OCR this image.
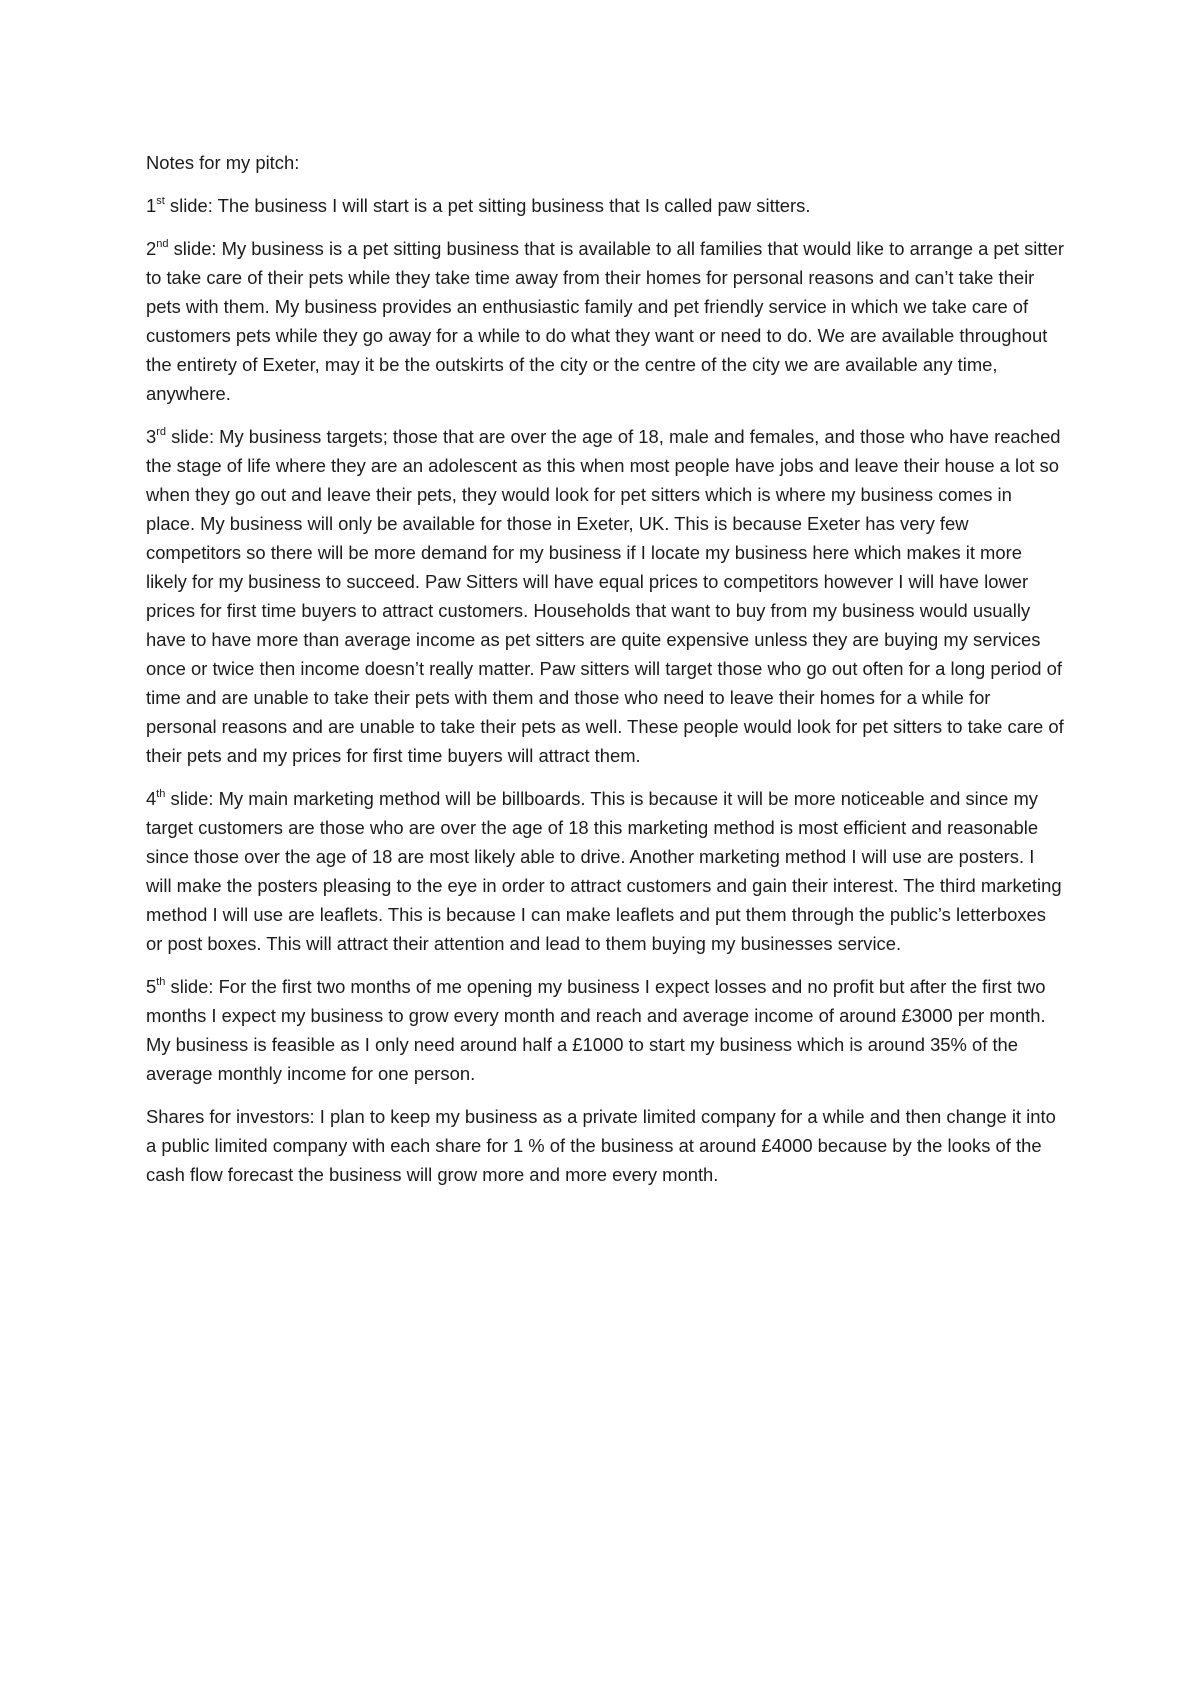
Notes for my pitch:

1st slide: The business I will start is a pet sitting business that Is called paw sitters.

2nd slide: My business is a pet sitting business that is available to all families that would like to arrange a pet sitter to take care of their pets while they take time away from their homes for personal reasons and can’t take their pets with them. My business provides an enthusiastic family and pet friendly service in which we take care of customers pets while they go away for a while to do what they want or need to do. We are available throughout the entirety of Exeter, may it be the outskirts of the city or the centre of the city we are available any time, anywhere.

3rd slide: My business targets; those that are over the age of 18, male and females, and those who have reached the stage of life where they are an adolescent as this when most people have jobs and leave their house a lot so when they go out and leave their pets, they would look for pet sitters which is where my business comes in place. My business will only be available for those in Exeter, UK. This is because Exeter has very few competitors so there will be more demand for my business if I locate my business here which makes it more likely for my business to succeed. Paw Sitters will have equal prices to competitors however I will have lower prices for first time buyers to attract customers. Households that want to buy from my business would usually have to have more than average income as pet sitters are quite expensive unless they are buying my services once or twice then income doesn’t really matter. Paw sitters will target those who go out often for a long period of time and are unable to take their pets with them and those who need to leave their homes for a while for personal reasons and are unable to take their pets as well. These people would look for pet sitters to take care of their pets and my prices for first time buyers will attract them.

4th slide: My main marketing method will be billboards. This is because it will be more noticeable and since my target customers are those who are over the age of 18 this marketing method is most efficient and reasonable since those over the age of 18 are most likely able to drive. Another marketing method I will use are posters. I will make the posters pleasing to the eye in order to attract customers and gain their interest. The third marketing method I will use are leaflets. This is because I can make leaflets and put them through the public’s letterboxes or post boxes. This will attract their attention and lead to them buying my businesses service.

5th slide: For the first two months of me opening my business I expect losses and no profit but after the first two months I expect my business to grow every month and reach and average income of around £3000 per month. My business is feasible as I only need around half a £1000 to start my business which is around 35% of the average monthly income for one person.

Shares for investors: I plan to keep my business as a private limited company for a while and then change it into a public limited company with each share for 1 % of the business at around £4000 because by the looks of the cash flow forecast the business will grow more and more every month.
